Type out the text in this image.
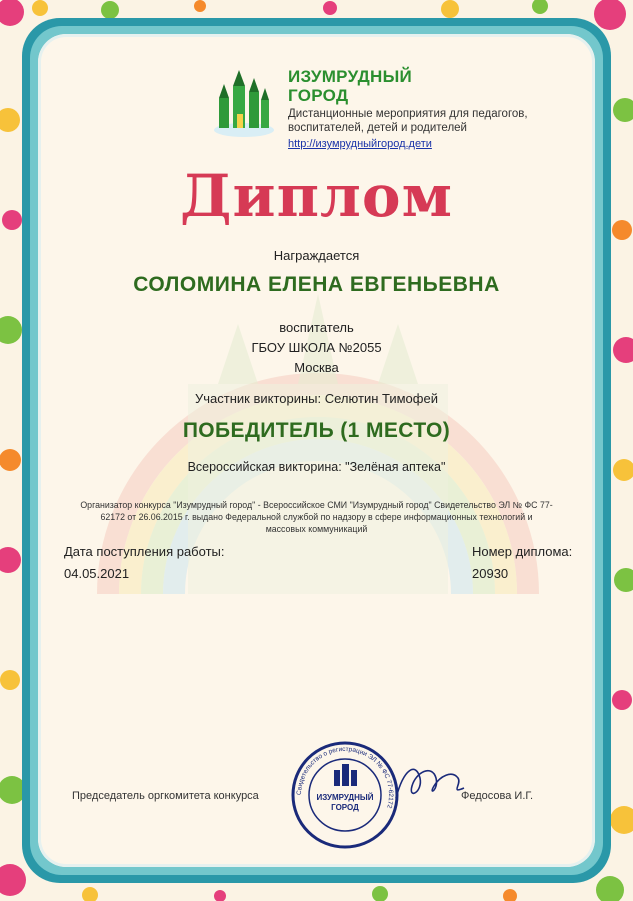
ИЗУМРУДНЫЙ
ГОРОД
Дистанционные мероприятия для педагогов, воспитателей, детей и родителей
http://изумрудныйгород.дети
Диплом
Награждается
СОЛОМИНА ЕЛЕНА ЕВГЕНЬЕВНА
воспитатель
ГБОУ ШКОЛА №2055
Москва
Участник викторины: Селютин Тимофей
ПОБЕДИТЕЛЬ (1 МЕСТО)
Всероссийская викторина: "Зелёная аптека"
Организатор конкурса "Изумрудный город" - Всероссийское СМИ "Изумрудный город" Свидетельство ЭЛ № ФС 77-62172 от 26.06.2015 г. выдано Федеральной службой по надзору в сфере информационных технологий и массовых коммуникаций
Дата поступления работы:
04.05.2021
Номер диплома:
20930
Председатель оргкомитета конкурса	Свидетельство о регистрации ЭЛ № ФС 77-62172
ИЗУМРУДНЫЙ
ГОРОД
Федосова И.Г.
